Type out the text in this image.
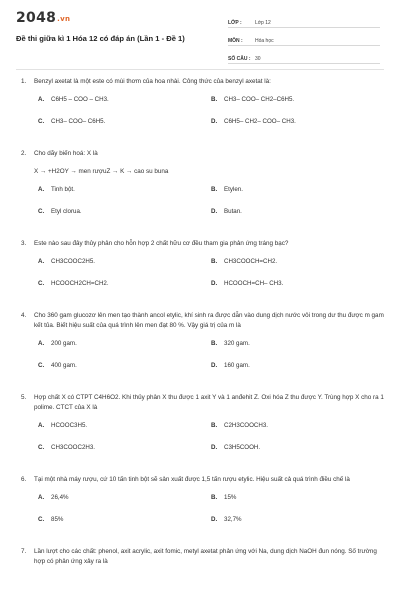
2048.vn
Đề thi giữa kì 1 Hóa 12 có đáp án (Lần 1 - Đề 1)
LỚP :	Lớp 12
MÔN :	Hóa học
SỐ CÂU : 30
1.	Benzyl axetat là một este có mùi thơm của hoa nhài. Công thức của benzyl axetat là:
A.	C6H5 – COO – CH3.	B.	CH3– COO– CH2–C6H5.
C.	CH3– COO– C6H5.	D.	C6H5– CH2– COO– CH3.
2.	Cho dãy biến hoá: X là
X → +H2OY → men rượuZ → K → cao su buna
A.	Tinh bột.	B.	Etylen.
C.	Etyl clorua.	D.	Butan.
3.	Este nào sau đây thủy phân cho hỗn hợp 2 chất hữu cơ đều tham gia phản ứng tráng bạc?
A.	CH3COOC2H5.	B.	CH3COOCH=CH2.
C.	HCOOCH2CH=CH2.	D.	HCOOCH=CH– CH3.
4.	Cho 360 gam glucozơ lên men tạo thành ancol etylic, khí sinh ra được dẫn vào dung dịch nước vôi trong dư thu được m gam kết tủa. Biết hiệu suất của quá trình lên men đạt 80 %. Vậy giá trị của m là
A.	200 gam.	B.	320 gam.
C.	400 gam.	D.	160 gam.
5.	Hợp chất X có CTPT C4H6O2. Khi thủy phân X thu được 1 axit Y và 1 anđehit Z. Oxi hóa Z thu được Y. Trùng hợp X cho ra 1 polime. CTCT của X là
A.	HCOOC3H5.	B.	C2H3COOCH3.
C.	CH3COOC2H3.	D.	C3H5COOH.
6.	Tại một nhà máy rượu, cứ 10 tấn tinh bột sẽ sản xuất được 1,5 tấn rượu etylic. Hiệu suất cả quá trình điều chế là
A.	26,4%	B.	15%
C.	85%	D.	32,7%
7.	Lần lượt cho các chất: phenol, axit acrylic, axit fomic, metyl axetat phản ứng với Na, dung dịch NaOH đun nóng. Số trường hợp có phản ứng xảy ra là
